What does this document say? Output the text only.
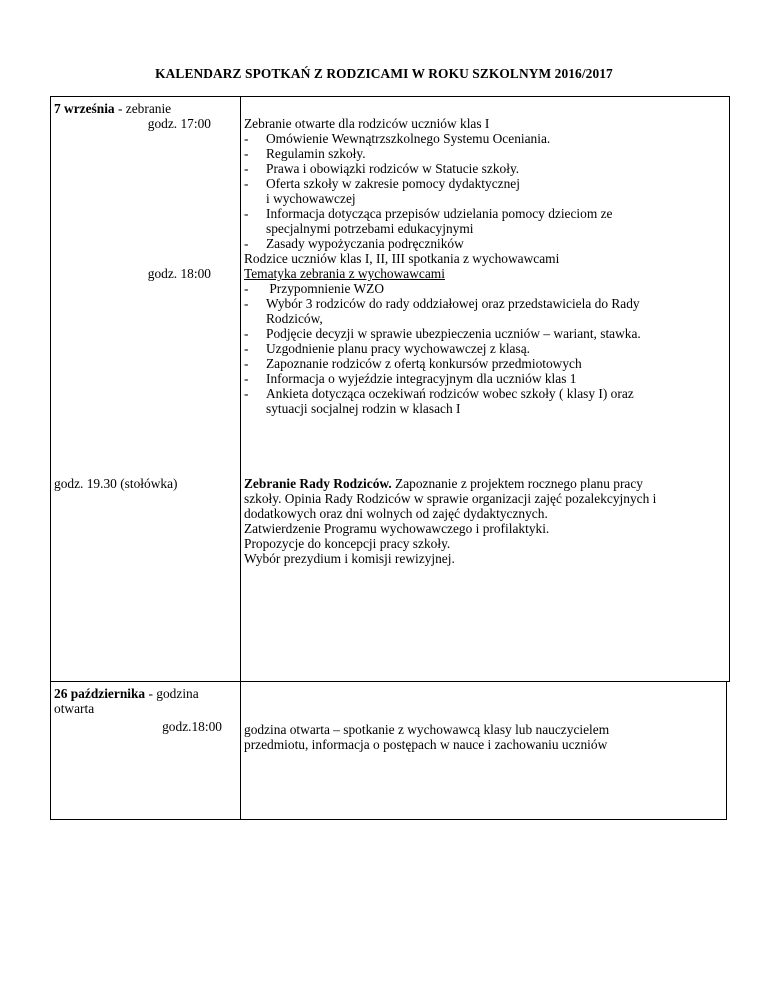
KALENDARZ SPOTKAŃ Z RODZICAMI W ROKU SZKOLNYM 2016/2017
7 września - zebranie
godz. 17:00
godz. 18:00
godz. 19.30 (stołówka)
Zebranie otwarte dla rodziców uczniów klas I
- Omówienie Wewnątrzszkolnego Systemu Oceniania.
- Regulamin szkoły.
- Prawa i obowiązki rodziców w Statucie szkoły.
- Oferta szkoły w zakresie pomocy dydaktycznej
i wychowawczej
- Informacja dotycząca przepisów udzielania pomocy dzieciom ze
specjalnymi potrzebami edukacyjnymi
- Zasady wypożyczania podręczników
Rodzice uczniów klas I, II, III spotkania z wychowawcami
Tematyka zebrania z wychowawcami
- Przypomnienie WZO
- Wybór 3 rodziców do rady oddziałowej oraz przedstawiciela do Rady
Rodziców,
- Podjęcie decyzji w sprawie ubezpieczenia uczniów – wariant, stawka.
- Uzgodnienie planu pracy wychowawczej z klasą.
- Zapoznanie rodziców z ofertą konkursów przedmiotowych
- Informacja o wyjeździe integracyjnym dla uczniów klas 1
- Ankieta dotycząca oczekiwań rodziców wobec szkoły ( klasy I) oraz
sytuacji socjalnej rodzin w klasach I
Zebranie Rady Rodziców. Zapoznanie z projektem rocznego planu pracy
szkoły. Opinia Rady Rodziców w sprawie organizacji zajęć pozalekcyjnych i
dodatkowych oraz dni wolnych od zajęć dydaktycznych.
Zatwierdzenie Programu wychowawczego i profilaktyki.
Propozycje do koncepcji pracy szkoły.
Wybór prezydium i komisji rewizyjnej.
26 października - godzina
otwarta
godz.18:00 godzina otwarta – spotkanie z wychowawcą klasy lub nauczycielem
przedmiotu, informacja o postępach w nauce i zachowaniu uczniów
